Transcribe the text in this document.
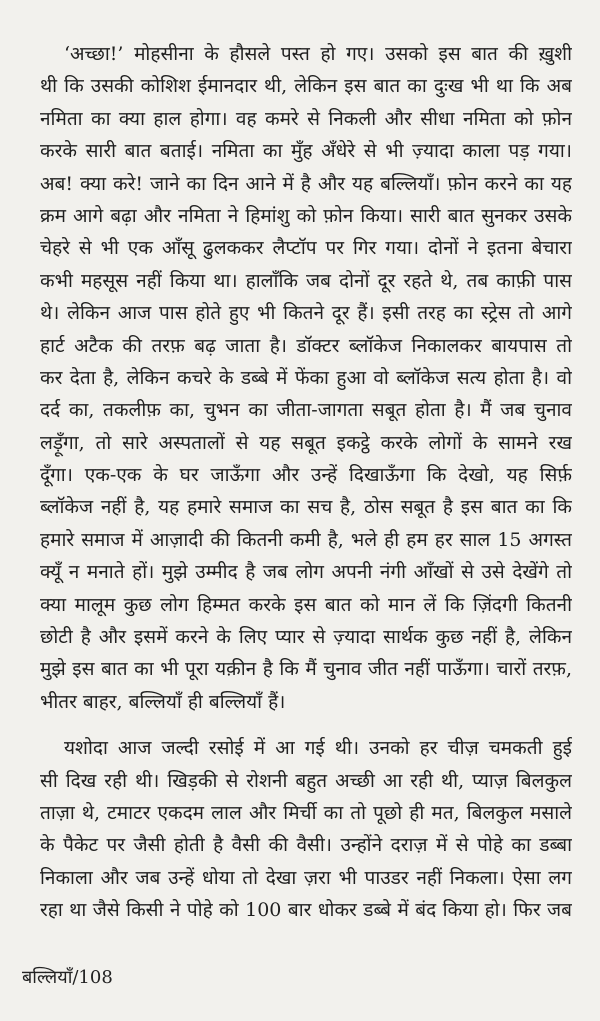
‘अच्छा!’ मोहसीना के हौसले पस्त हो गए। उसको इस बात की ख़ुशी
थी कि उसकी कोशिश ईमानदार थी, लेकिन इस बात का दुःख भी था कि अब
नमिता का क्या हाल होगा। वह कमरे से निकली और सीधा नमिता को फ़ोन
करके सारी बात बताई। नमिता का मुँह अँधेरे से भी ज़्यादा काला पड़ गया।
अब! क्या करे! जाने का दिन आने में है और यह बल्लियाँ। फ़ोन करने का यह
क्रम आगे बढ़ा और नमिता ने हिमांशु को फ़ोन किया। सारी बात सुनकर उसके
चेहरे से भी एक आँसू ढुलककर लैप्टॉप पर गिर गया। दोनों ने इतना बेचारा
कभी महसूस नहीं किया था। हालाँकि जब दोनों दूर रहते थे, तब काफ़ी पास
थे। लेकिन आज पास होते हुए भी कितने दूर हैं। इसी तरह का स्ट्रेस तो आगे
हार्ट अटैक की तरफ़ बढ़ जाता है। डॉक्टर ब्लॉकेज निकालकर बायपास तो
कर देता है, लेकिन कचरे के डब्बे में फेंका हुआ वो ब्लॉकेज सत्य होता है। वो
दर्द का, तकलीफ़ का, चुभन का जीता-जागता सबूत होता है। मैं जब चुनाव
लड़ूँगा, तो सारे अस्पतालों से यह सबूत इकट्ठे करके लोगों के सामने रख
दूँगा। एक-एक के घर जाऊँगा और उन्हें दिखाऊँगा कि देखो, यह सिर्फ़
ब्लॉकेज नहीं है, यह हमारे समाज का सच है, ठोस सबूत है इस बात का कि
हमारे समाज में आज़ादी की कितनी कमी है, भले ही हम हर साल 15 अगस्त
क्यूँ न मनाते हों। मुझे उम्मीद है जब लोग अपनी नंगी आँखों से उसे देखेंगे तो
क्या मालूम कुछ लोग हिम्मत करके इस बात को मान लें कि ज़िंदगी कितनी
छोटी है और इसमें करने के लिए प्यार से ज़्यादा सार्थक कुछ नहीं है, लेकिन
मुझे इस बात का भी पूरा यक़ीन है कि मैं चुनाव जीत नहीं पाऊँगा। चारों तरफ़,
भीतर बाहर, बल्लियाँ ही बल्लियाँ हैं।
यशोदा आज जल्दी रसोई में आ गई थी। उनको हर चीज़ चमकती हुई
सी दिख रही थी। खिड़की से रोशनी बहुत अच्छी आ रही थी, प्याज़ बिलकुल
ताज़ा थे, टमाटर एकदम लाल और मिर्ची का तो पूछो ही मत, बिलकुल मसाले
के पैकेट पर जैसी होती है वैसी की वैसी। उन्होंने दराज़ में से पोहे का डब्बा
निकाला और जब उन्हें धोया तो देखा ज़रा भी पाउडर नहीं निकला। ऐसा लग
रहा था जैसे किसी ने पोहे को 100 बार धोकर डब्बे में बंद किया हो। फिर जब
बल्लियाँ/108
